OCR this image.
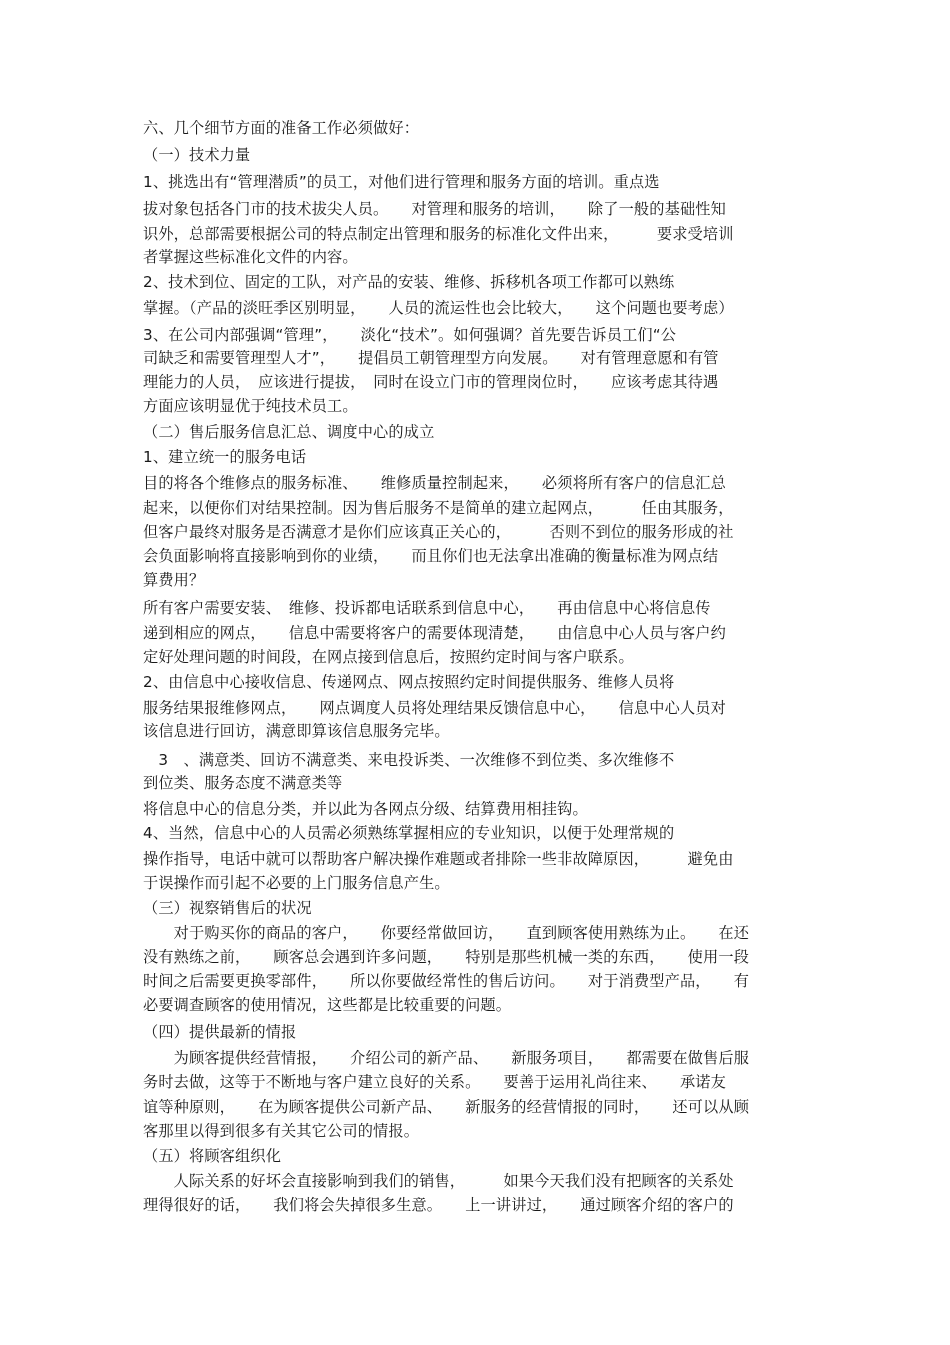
六、几个细节方面的准备工作必须做好：

（一）技术力量

1、挑选出有“管理潜质”的员工，对他们进行管理和服务方面的培训。重点选

拔对象包括各门市的技术拔尖人员。　　对管理和服务的培训，　　除了一般的基础性知

识外，总部需要根据公司的特点制定出管理和服务的标准化文件出来，　　　要求受培训

者掌握这些标准化文件的内容。

2、技术到位、固定的工队，对产品的安装、维修、拆移机各项工作都可以熟练

掌握。（产品的淡旺季区别明显，　　人员的流运性也会比较大，　　这个问题也要考虑）

3、在公司内部强调“管理”，　　淡化“技术”。如何强调？首先要告诉员工们“公

司缺乏和需要管理型人才”，　　提倡员工朝管理型方向发展。　　对有管理意愿和有管

理能力的人员，　应该进行提拔，　同时在设立门市的管理岗位时，　　应该考虑其待遇

方面应该明显优于纯技术员工。

（二）售后服务信息汇总、调度中心的成立

1、建立统一的服务电话

目的将各个维修点的服务标准、　　维修质量控制起来，　　必须将所有客户的信息汇总

起来，以便你们对结果控制。因为售后服务不是简单的建立起网点，　　　任由其服务，

但客户最终对服务是否满意才是你们应该真正关心的，　　　否则不到位的服务形成的社

会负面影响将直接影响到你的业绩，　　而且你们也无法拿出准确的衡量标准为网点结

算费用？

所有客户需要安装、　维修、投诉都电话联系到信息中心，　　再由信息中心将信息传

递到相应的网点，　　信息中需要将客户的需要体现清楚，　　由信息中心人员与客户约

定好处理问题的时间段，在网点接到信息后，按照约定时间与客户联系。

2、由信息中心接收信息、传递网点、网点按照约定时间提供服务、维修人员将

服务结果报维修网点，　　网点调度人员将处理结果反馈信息中心，　　信息中心人员对

该信息进行回访，满意即算该信息服务完毕。

　3　、满意类、回访不满意类、来电投诉类、一次维修不到位类、多次维修不

到位类、服务态度不满意类等

将信息中心的信息分类，并以此为各网点分级、结算费用相挂钩。

4、当然，信息中心的人员需必须熟练掌握相应的专业知识，以便于处理常规的

操作指导，电话中就可以帮助客户解决操作难题或者排除一些非故障原因，　　　避免由

于误操作而引起不必要的上门服务信息产生。

（三）视察销售后的状况

　　对于购买你的商品的客户，　　你要经常做回访，　　直到顾客使用熟练为止。　　在还

没有熟练之前，　　顾客总会遇到许多问题，　　特别是那些机械一类的东西，　　使用一段

时间之后需要更换零部件，　　所以你要做经常性的售后访问。　　对于消费型产品，　　有

必要调查顾客的使用情况，这些都是比较重要的问题。

（四）提供最新的情报

　　为顾客提供经营情报，　　介绍公司的新产品、　　新服务项目，　　都需要在做售后服

务时去做，这等于不断地与客户建立良好的关系。　　要善于运用礼尚往来、　　承诺友

谊等种原则，　　在为顾客提供公司新产品、　　新服务的经营情报的同时，　　还可以从顾

客那里以得到很多有关其它公司的情报。

（五）将顾客组织化

　　人际关系的好坏会直接影响到我们的销售，　　　如果今天我们没有把顾客的关系处

理得很好的话，　　我们将会失掉很多生意。　　上一讲讲过，　　通过顾客介绍的客户的
